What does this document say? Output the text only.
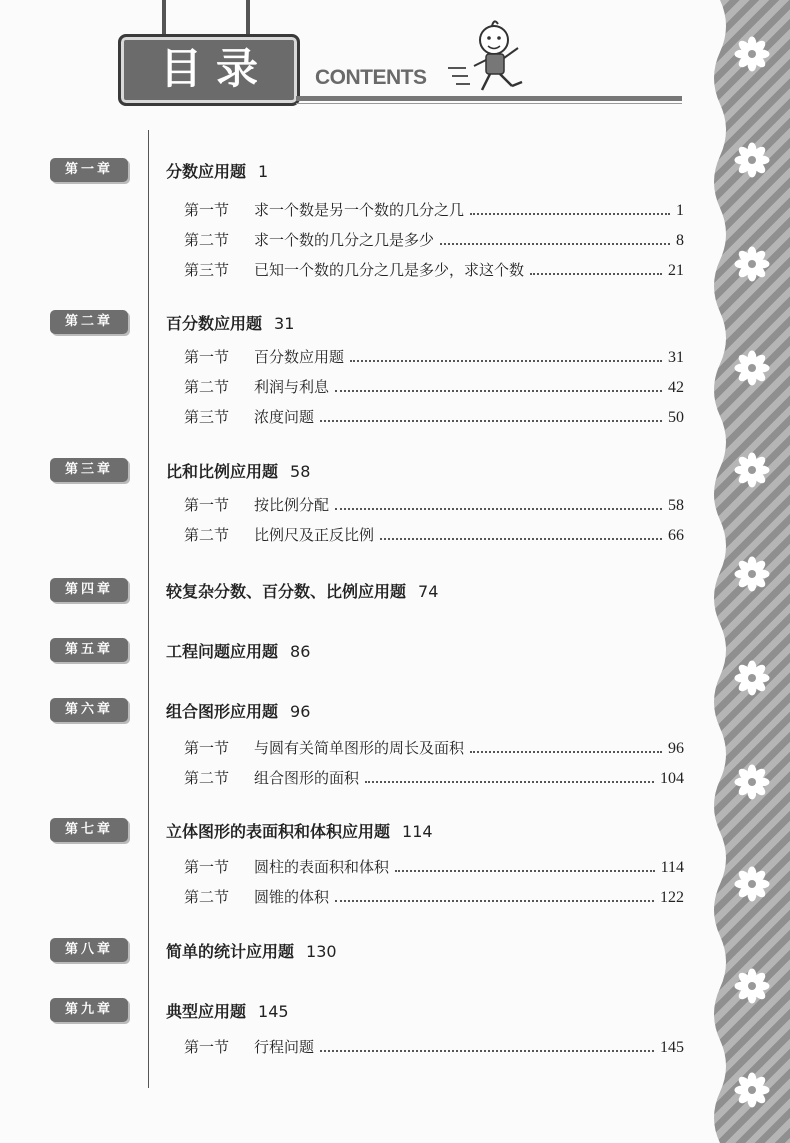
目录	CONTENTS
第一章	分数应用题 1
第一节	求一个数是另一个数的几分之几	1
第二节	求一个数的几分之几是多少	8
第三节	已知一个数的几分之几是多少，求这个数	21
第二章	百分数应用题 31
第一节	百分数应用题	31
第二节	利润与利息	42
第三节	浓度问题	50
第三章	比和比例应用题 58
第一节	按比例分配	58
第二节	比例尺及正反比例	66
第四章	较复杂分数、百分数、比例应用题 74
第五章	工程问题应用题 86
第六章	组合图形应用题 96
第一节	与圆有关简单图形的周长及面积	96
第二节	组合图形的面积	104
第七章	立体图形的表面积和体积应用题 114
第一节	圆柱的表面积和体积	114
第二节	圆锥的体积	122
第八章	简单的统计应用题 130
第九章	典型应用题 145
第一节	行程问题	145
